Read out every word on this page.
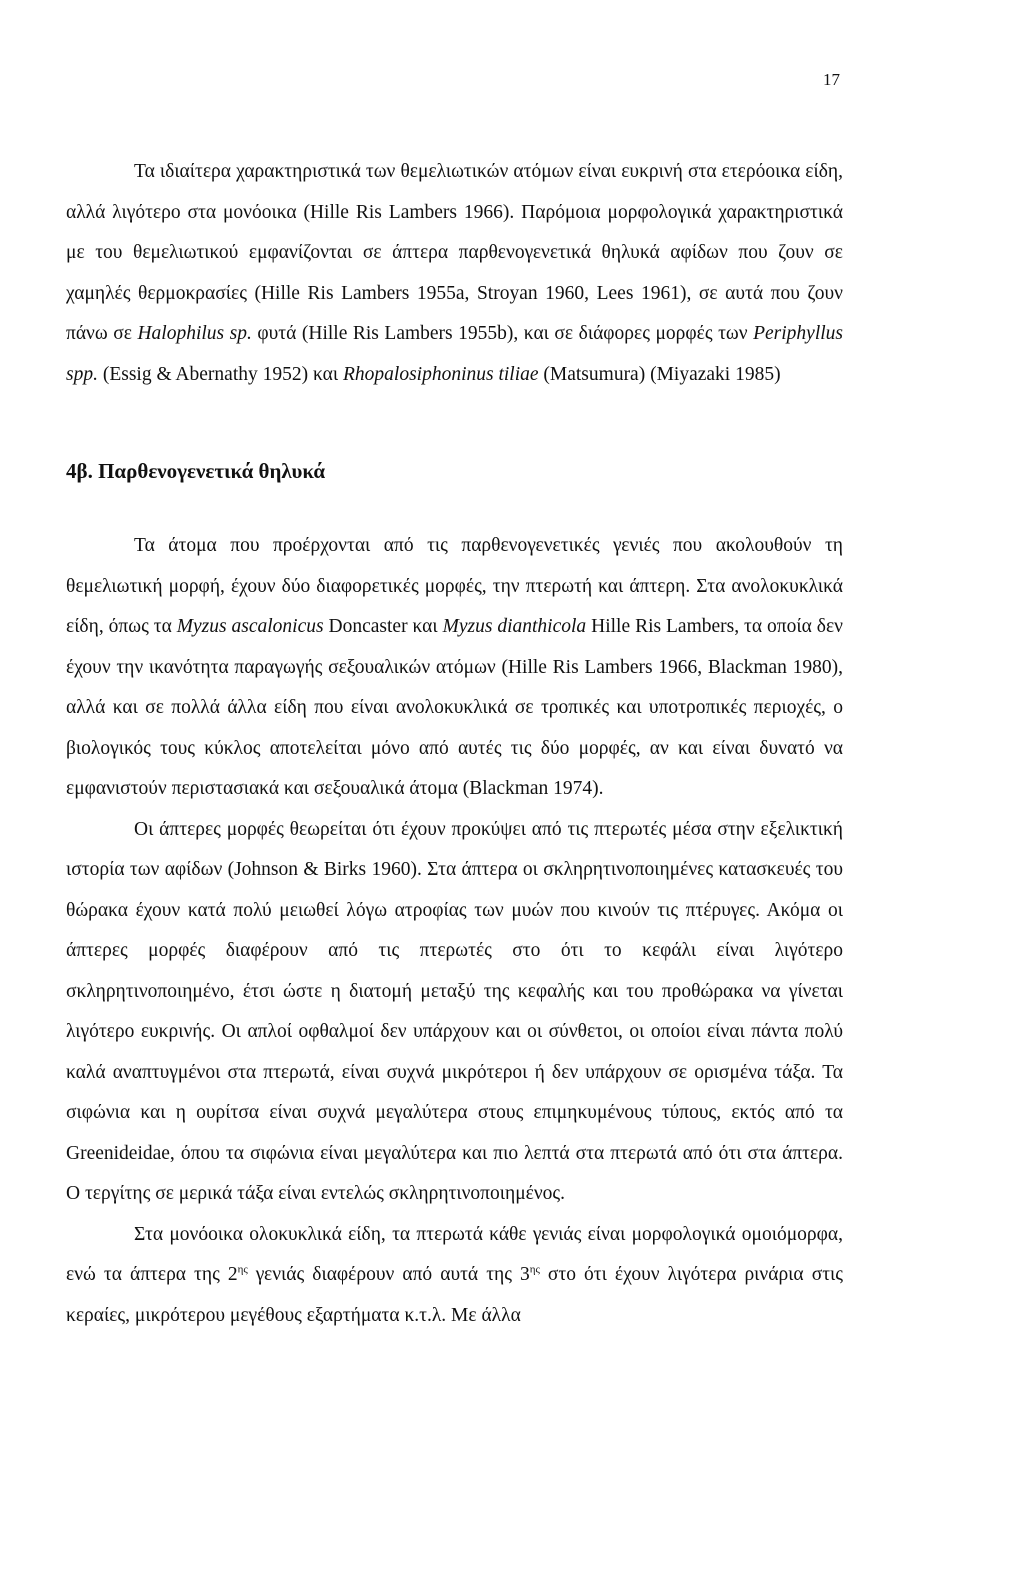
17

Τα ιδιαίτερα χαρακτηριστικά των θεμελιωτικών ατόμων είναι ευκρινή στα ετερόοικα είδη, αλλά λιγότερο στα μονόοικα (Hille Ris Lambers 1966). Παρόμοια μορφολογικά χαρακτηριστικά με του θεμελιωτικού εμφανίζονται σε άπτερα παρθενογενετικά θηλυκά αφίδων που ζουν σε χαμηλές θερμοκρασίες (Hille Ris Lambers 1955a, Stroyan 1960, Lees 1961), σε αυτά που ζουν πάνω σε Halophilus sp. φυτά (Hille Ris Lambers 1955b), και σε διάφορες μορφές των Periphyllus spp. (Essig & Abernathy 1952) και Rhopalosiphoninus tiliae (Matsumura) (Miyazaki 1985)

4β. Παρθενογενετικά θηλυκά

Τα άτομα που προέρχονται από τις παρθενογενετικές γενιές που ακολουθούν τη θεμελιωτική μορφή, έχουν δύο διαφορετικές μορφές, την πτερωτή και άπτερη. Στα ανολοκυκλικά είδη, όπως τα Myzus ascalonicus Doncaster και Myzus dianthicola Hille Ris Lambers, τα οποία δεν έχουν την ικανότητα παραγωγής σεξουαλικών ατόμων (Hille Ris Lambers 1966, Blackman 1980), αλλά και σε πολλά άλλα είδη που είναι ανολοκυκλικά σε τροπικές και υποτροπικές περιοχές, ο βιολογικός τους κύκλος αποτελείται μόνο από αυτές τις δύο μορφές, αν και είναι δυνατό να εμφανιστούν περιστασιακά και σεξουαλικά άτομα (Blackman 1974).

Οι άπτερες μορφές θεωρείται ότι έχουν προκύψει από τις πτερωτές μέσα στην εξελικτική ιστορία των αφίδων (Johnson & Birks 1960). Στα άπτερα οι σκληρητινοποιημένες κατασκευές του θώρακα έχουν κατά πολύ μειωθεί λόγω ατροφίας των μυών που κινούν τις πτέρυγες. Ακόμα οι άπτερες μορφές διαφέρουν από τις πτερωτές στο ότι το κεφάλι είναι λιγότερο σκληρητινοποιημένο, έτσι ώστε η διατομή μεταξύ της κεφαλής και του προθώρακα να γίνεται λιγότερο ευκρινής. Οι απλοί οφθαλμοί δεν υπάρχουν και οι σύνθετοι, οι οποίοι είναι πάντα πολύ καλά αναπτυγμένοι στα πτερωτά, είναι συχνά μικρότεροι ή δεν υπάρχουν σε ορισμένα τάξα. Τα σιφώνια και η ουρίτσα είναι συχνά μεγαλύτερα στους επιμηκυμένους τύπους, εκτός από τα Greenideidae, όπου τα σιφώνια είναι μεγαλύτερα και πιο λεπτά στα πτερωτά από ότι στα άπτερα. Ο τεργίτης σε μερικά τάξα είναι εντελώς σκληρητινοποιημένος.

Στα μονόοικα ολοκυκλικά είδη, τα πτερωτά κάθε γενιάς είναι μορφολογικά ομοιόμορφα, ενώ τα άπτερα της $2^{\eta\varsigma}$ γενιάς διαφέρουν από αυτά της $3^{\eta\varsigma}$ στο ότι έχουν λιγότερα ρινάρια στις κεραίες, μικρότερου μεγέθους εξαρτήματα κ.τ.λ. Με άλλα
